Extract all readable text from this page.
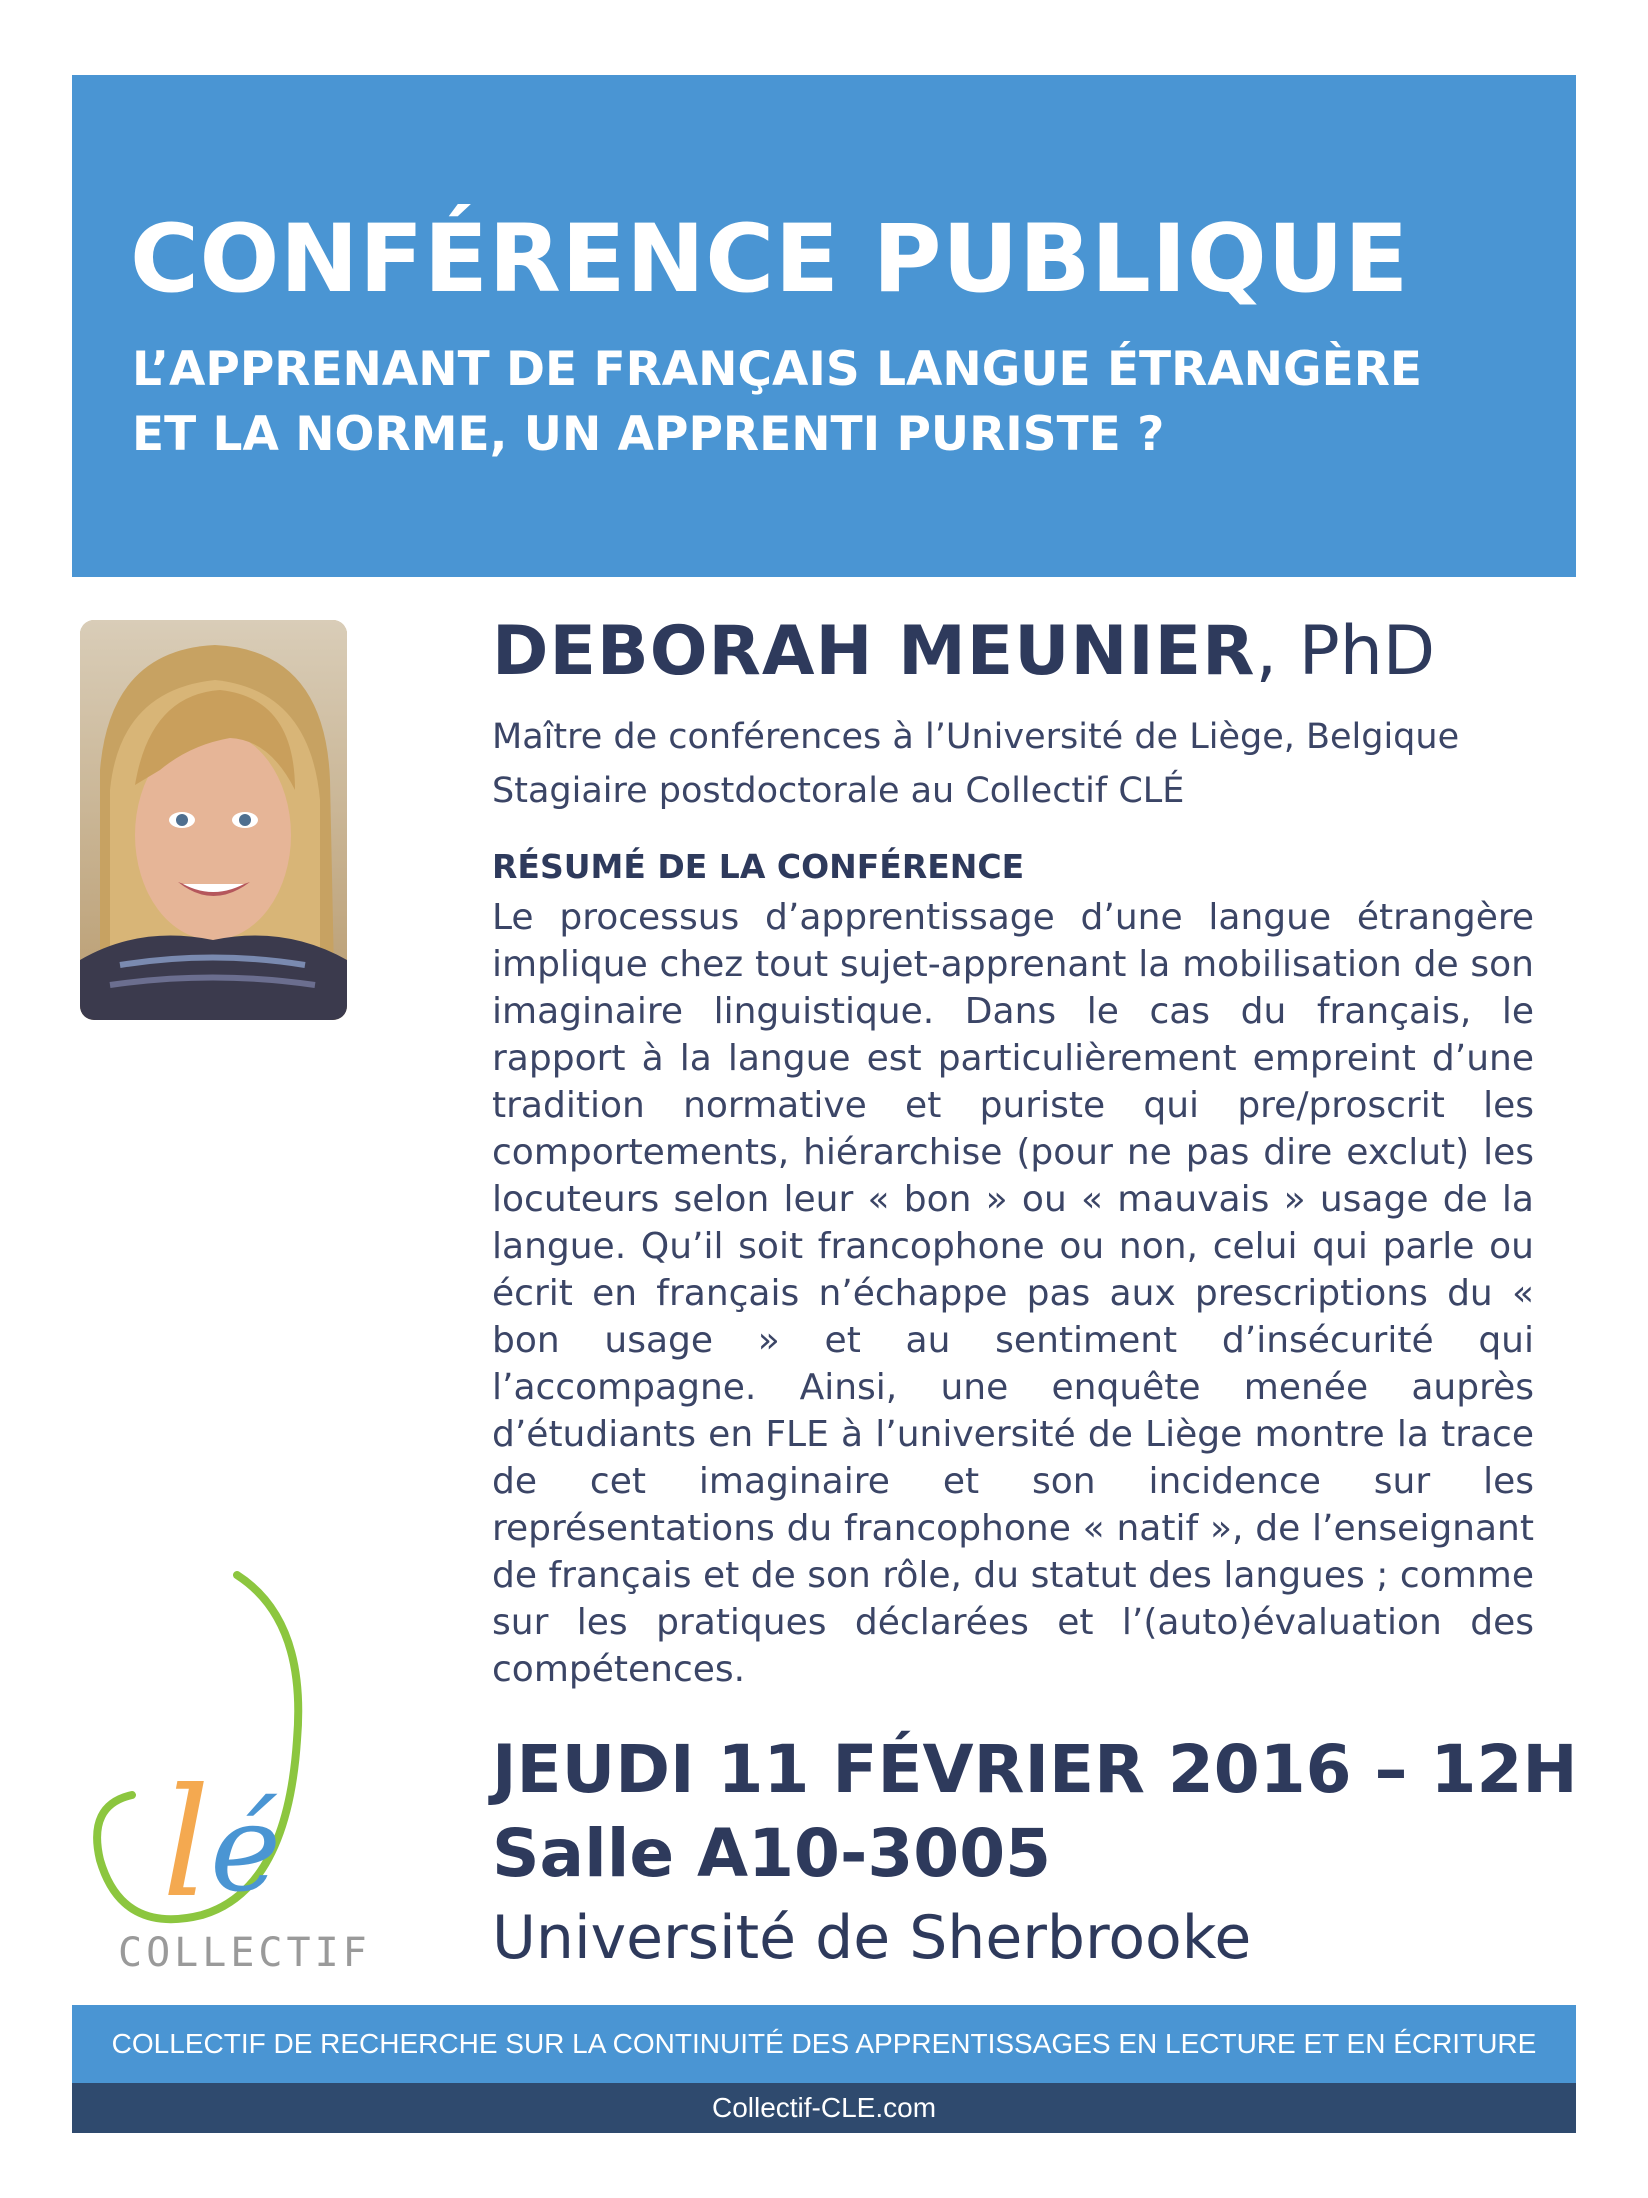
CONFÉRENCE PUBLIQUE
L’APPRENANT DE FRANÇAIS LANGUE ÉTRANGÈRE
ET LA NORME, UN APPRENTI PURISTE ?
DEBORAH MEUNIER, PhD
Maître de conférences à l’Université de Liège, Belgique
Stagiaire postdoctorale au Collectif CLÉ
RÉSUMÉ DE LA CONFÉRENCE
Le processus d’apprentissage d’une langue étrangère implique chez tout sujet-apprenant la mobilisation de son imaginaire linguistique. Dans le cas du français, le rapport à la langue est particulièrement empreint d’une tradition normative et puriste qui pre/proscrit les comportements, hiérarchise (pour ne pas dire exclut) les locuteurs selon leur « bon » ou « mauvais » usage de la langue. Qu’il soit francophone ou non, celui qui parle ou écrit en français n’échappe pas aux prescriptions du « bon usage » et au sentiment d’insécurité qui l’accompagne. Ainsi, une enquête menée auprès d’étudiants en FLE à l’université de Liège montre la trace de cet imaginaire et son incidence sur les représentations du francophone « natif », de l’enseignant de français et de son rôle, du statut des langues ; comme sur les pratiques déclarées et l’(auto)évaluation des compétences.
l é
COLLECTIF
JEUDI 11 FÉVRIER 2016 – 12H
Salle A10-3005
Université de Sherbrooke
COLLECTIF DE RECHERCHE SUR LA CONTINUITÉ DES APPRENTISSAGES EN LECTURE ET EN ÉCRITURE
Collectif-CLE.com
